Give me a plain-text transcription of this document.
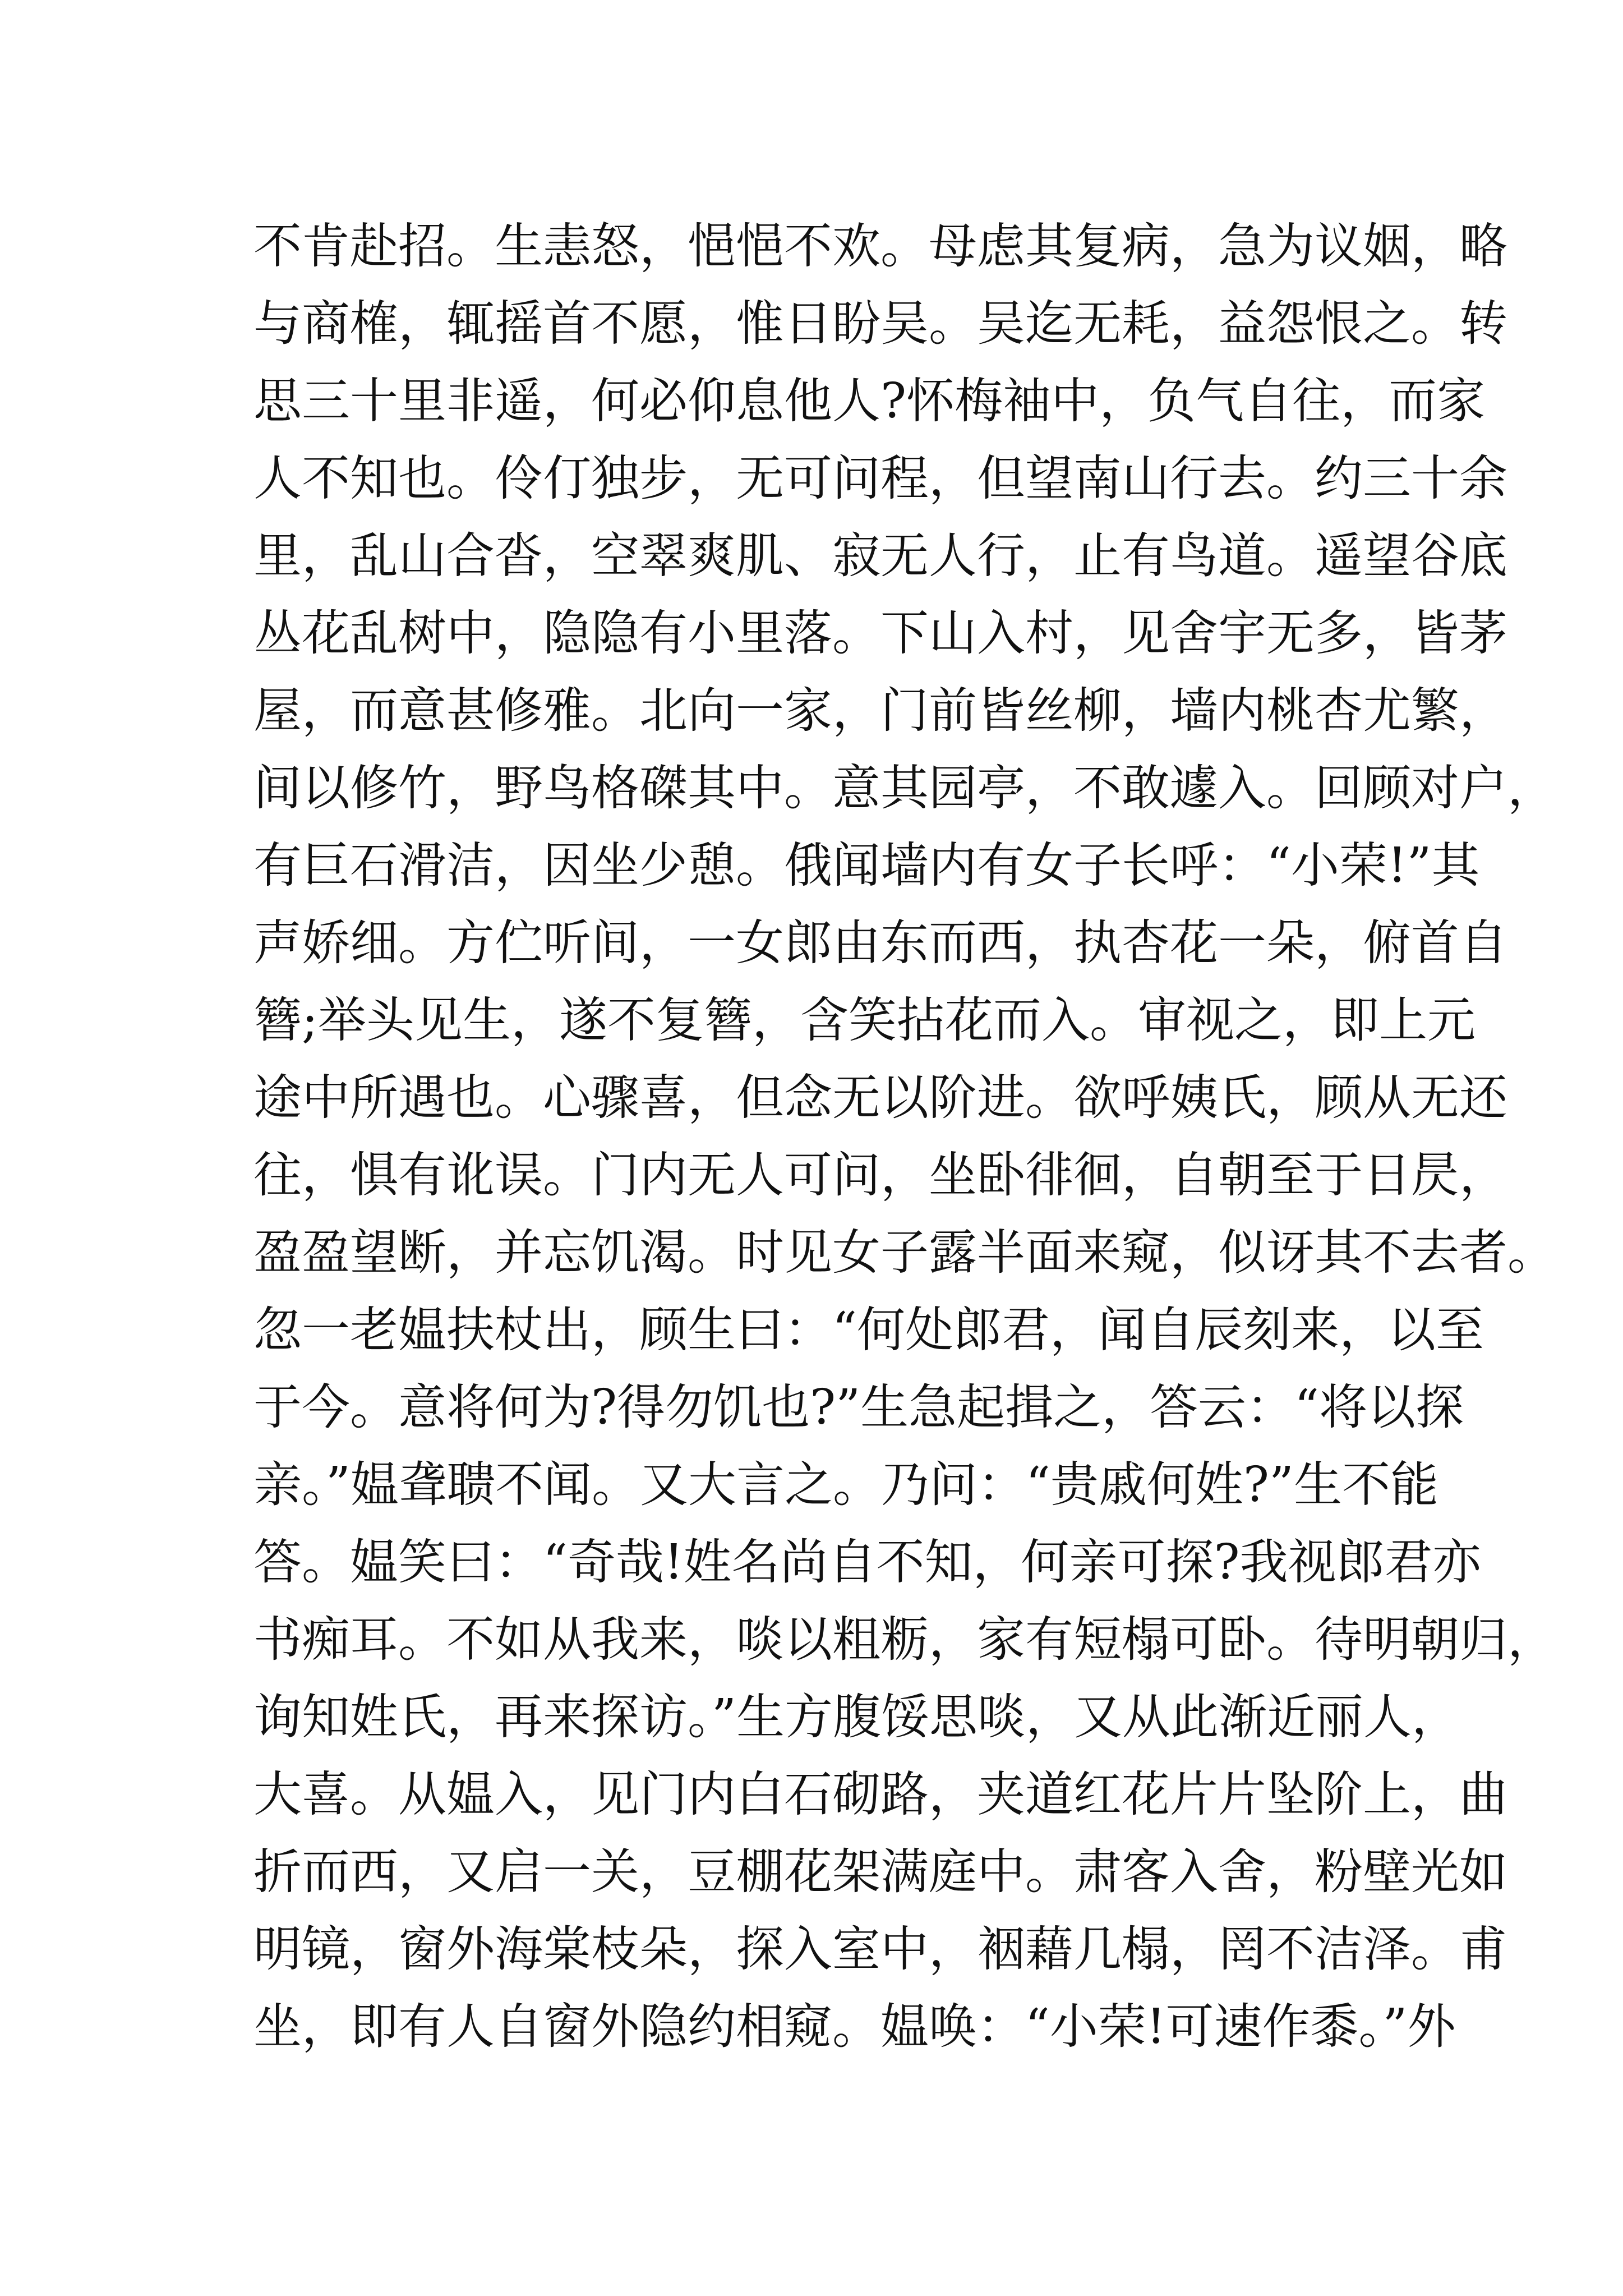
不肯赴招。生恚怒，悒悒不欢。母虑其复病，急为议姻，略
与商榷，辄摇首不愿，惟日盼吴。吴迄无耗，益怨恨之。转
思三十里非遥，何必仰息他人?怀梅袖中，负气自往，而家
人不知也。伶仃独步，无可问程，但望南山行去。约三十余
里，乱山合沓，空翠爽肌、寂无人行，止有鸟道。遥望谷底
丛花乱树中，隐隐有小里落。下山入村，见舍宇无多，皆茅
屋，而意甚修雅。北向一家，门前皆丝柳，墙内桃杏尤繁，
间以修竹，野鸟格磔其中。意其园亭，不敢遽入。回顾对户，
有巨石滑洁，因坐少憩。俄闻墙内有女子长呼：“小荣!”其
声娇细。方伫听间，一女郎由东而西，执杏花一朵，俯首自
簪;举头见生，遂不复簪，含笑拈花而入。审视之，即上元
途中所遇也。心骤喜，但念无以阶进。欲呼姨氏，顾从无还
往，惧有讹误。门内无人可问，坐卧徘徊，自朝至于日昃，
盈盈望断，并忘饥渴。时见女子露半面来窥，似讶其不去者。
忽一老媪扶杖出，顾生曰：“何处郎君，闻自辰刻来，以至
于今。意将何为?得勿饥也?”生急起揖之，答云：“将以探
亲。”媪聋聩不闻。又大言之。乃问：“贵戚何姓?”生不能
答。媪笑曰：“奇哉!姓名尚自不知，何亲可探?我视郎君亦
书痴耳。不如从我来，啖以粗粝，家有短榻可卧。待明朝归，
询知姓氏，再来探访。”生方腹馁思啖，又从此渐近丽人，
大喜。从媪入，见门内白石砌路，夹道红花片片坠阶上，曲
折而西，又启一关，豆棚花架满庭中。肃客入舍，粉壁光如
明镜，窗外海棠枝朵，探入室中，裀藉几榻，罔不洁泽。甫
坐，即有人自窗外隐约相窥。媪唤：“小荣!可速作黍。”外
